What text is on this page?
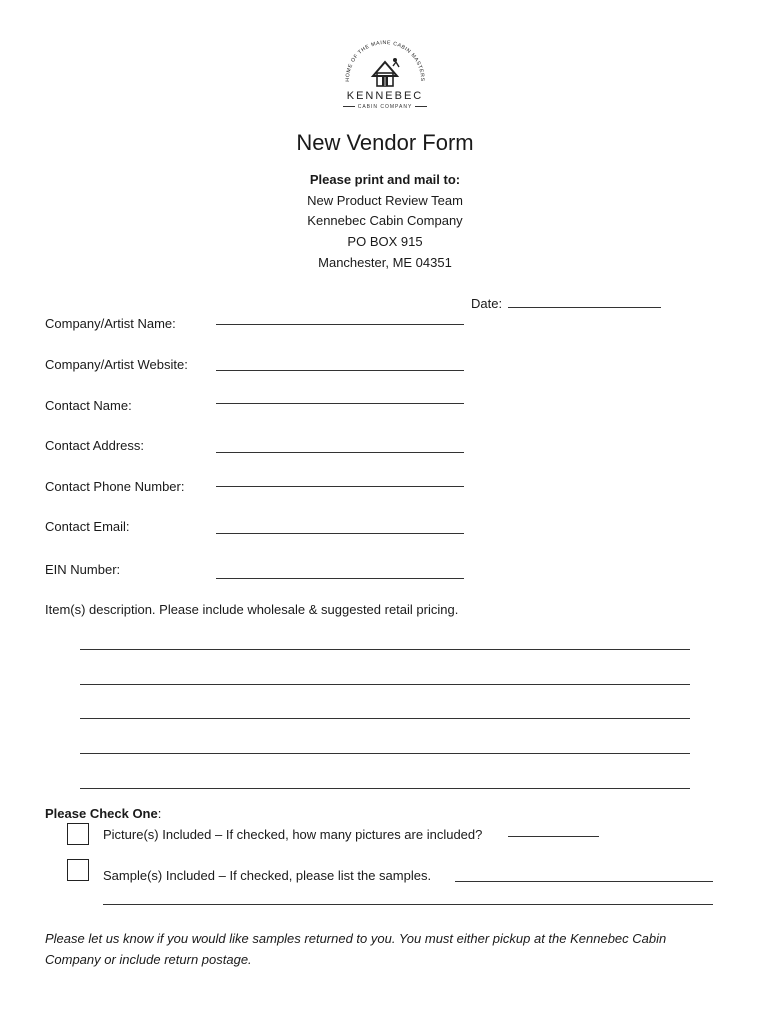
HOME OF THE MAINE CABIN MASTERS
KENNEBEC
CABIN COMPANY
New Vendor Form
Please print and mail to:
New Product Review Team
Kennebec Cabin Company
PO BOX 915
Manchester, ME 04351
Date:
Company/Artist Name:
Company/Artist Website:
Contact Name:
Contact Address:
Contact Phone Number:
Contact Email:
EIN Number:
Item(s) description. Please include wholesale & suggested retail pricing.
Please Check One:
Picture(s) Included – If checked, how many pictures are included?
Sample(s) Included – If checked, please list the samples.
Please let us know if you would like samples returned to you. You must either pickup at the Kennebec Cabin Company or include return postage.
